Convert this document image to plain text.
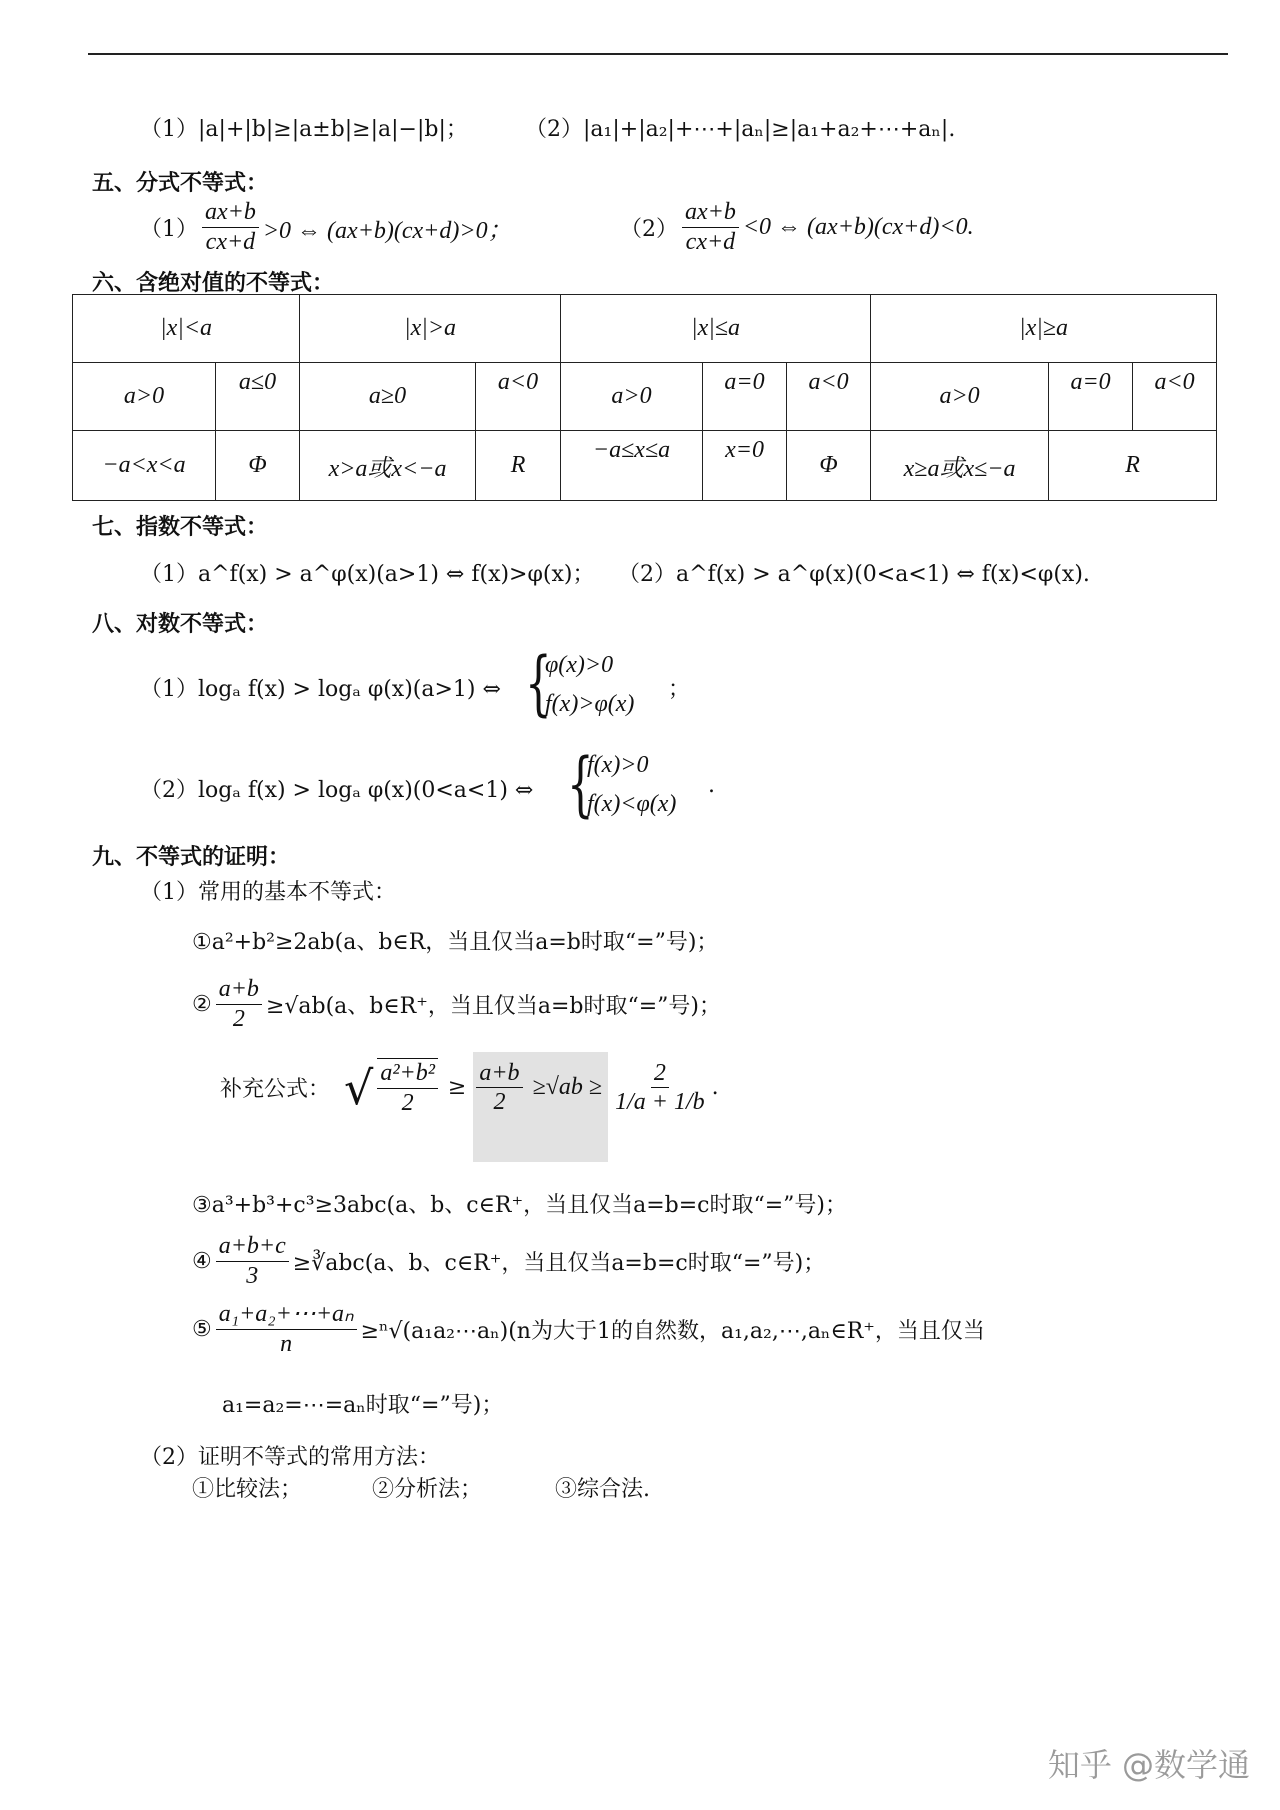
（1）|a|+|b|≥|a±b|≥|a|−|b|；	（2）|a₁|+|a₂|+⋯+|aₙ|≥|a₁+a₂+⋯+aₙ|.
五、分式不等式：
$(1) \frac{ax+b}{cx+d} >0$ ⇔ (ax+b)(cx+d)>0；	$(2) \frac{ax+b}{cx+d} <0$ ⇔ (ax+b)(cx+d)<0.
六、含绝对值的不等式：
|x|<a		|x|>a		|x|≤a			|x|≥a		
a>0	a≤0	a≥0	a<0	a>0	a=0	a<0	a>0	a=0	a<0
−a<x<a	Φ	x>a或x<−a	R	−a≤x≤a	x=0	Φ	x≥a或x≤−a	R	
七、指数不等式：
（1）a^f(x) > a^φ(x)(a>1) ⇔ f(x)>φ(x)； （2）a^f(x) > a^φ(x)(0<a<1) ⇔ f(x)<φ(x).
八、对数不等式：
（1）logₐ f(x) > logₐ φ(x)(a>1) ⇔ {
φ(x)>0
f(x)>φ(x)
；
（2）logₐ f(x) > logₐ φ(x)(0<a<1) ⇔ {
f(x)>0
f(x)<φ(x)
.
九、不等式的证明：
（1）常用的基本不等式：
①a²+b²≥2ab(a、b∈R，当且仅当a=b时取“=”号)；
② $\frac{a+b}{2} \ge√ab(a$、b∈R⁺，当且仅当a=b时取“=”号)；
补充公式： √ $\frac{\text{a²+b²}}{2} \ge \frac{a+b}{2} \ge√ab \ge \frac{2}{1/a + 1/b}$ .
③a³+b³+c³≥3abc(a、b、c∈R⁺，当且仅当a=b=c时取“=”号)；
④ $\frac{a+b+c}{3}$ ≥∛abc(a、b、c∈R⁺，当且仅当a=b=c时取“=”号)；
⑤ $\frac{\text{a₁+a₂+⋯+aₙ}}{n}$ ≥ⁿ√(a₁a₂⋯aₙ)(n为大于1的自然数，a₁,a₂,⋯,aₙ∈R⁺，当且仅当
a₁=a₂=⋯=aₙ时取“=”号)；
（2）证明不等式的常用方法：
①比较法；	②分析法；	③综合法.
知乎 @数学通
